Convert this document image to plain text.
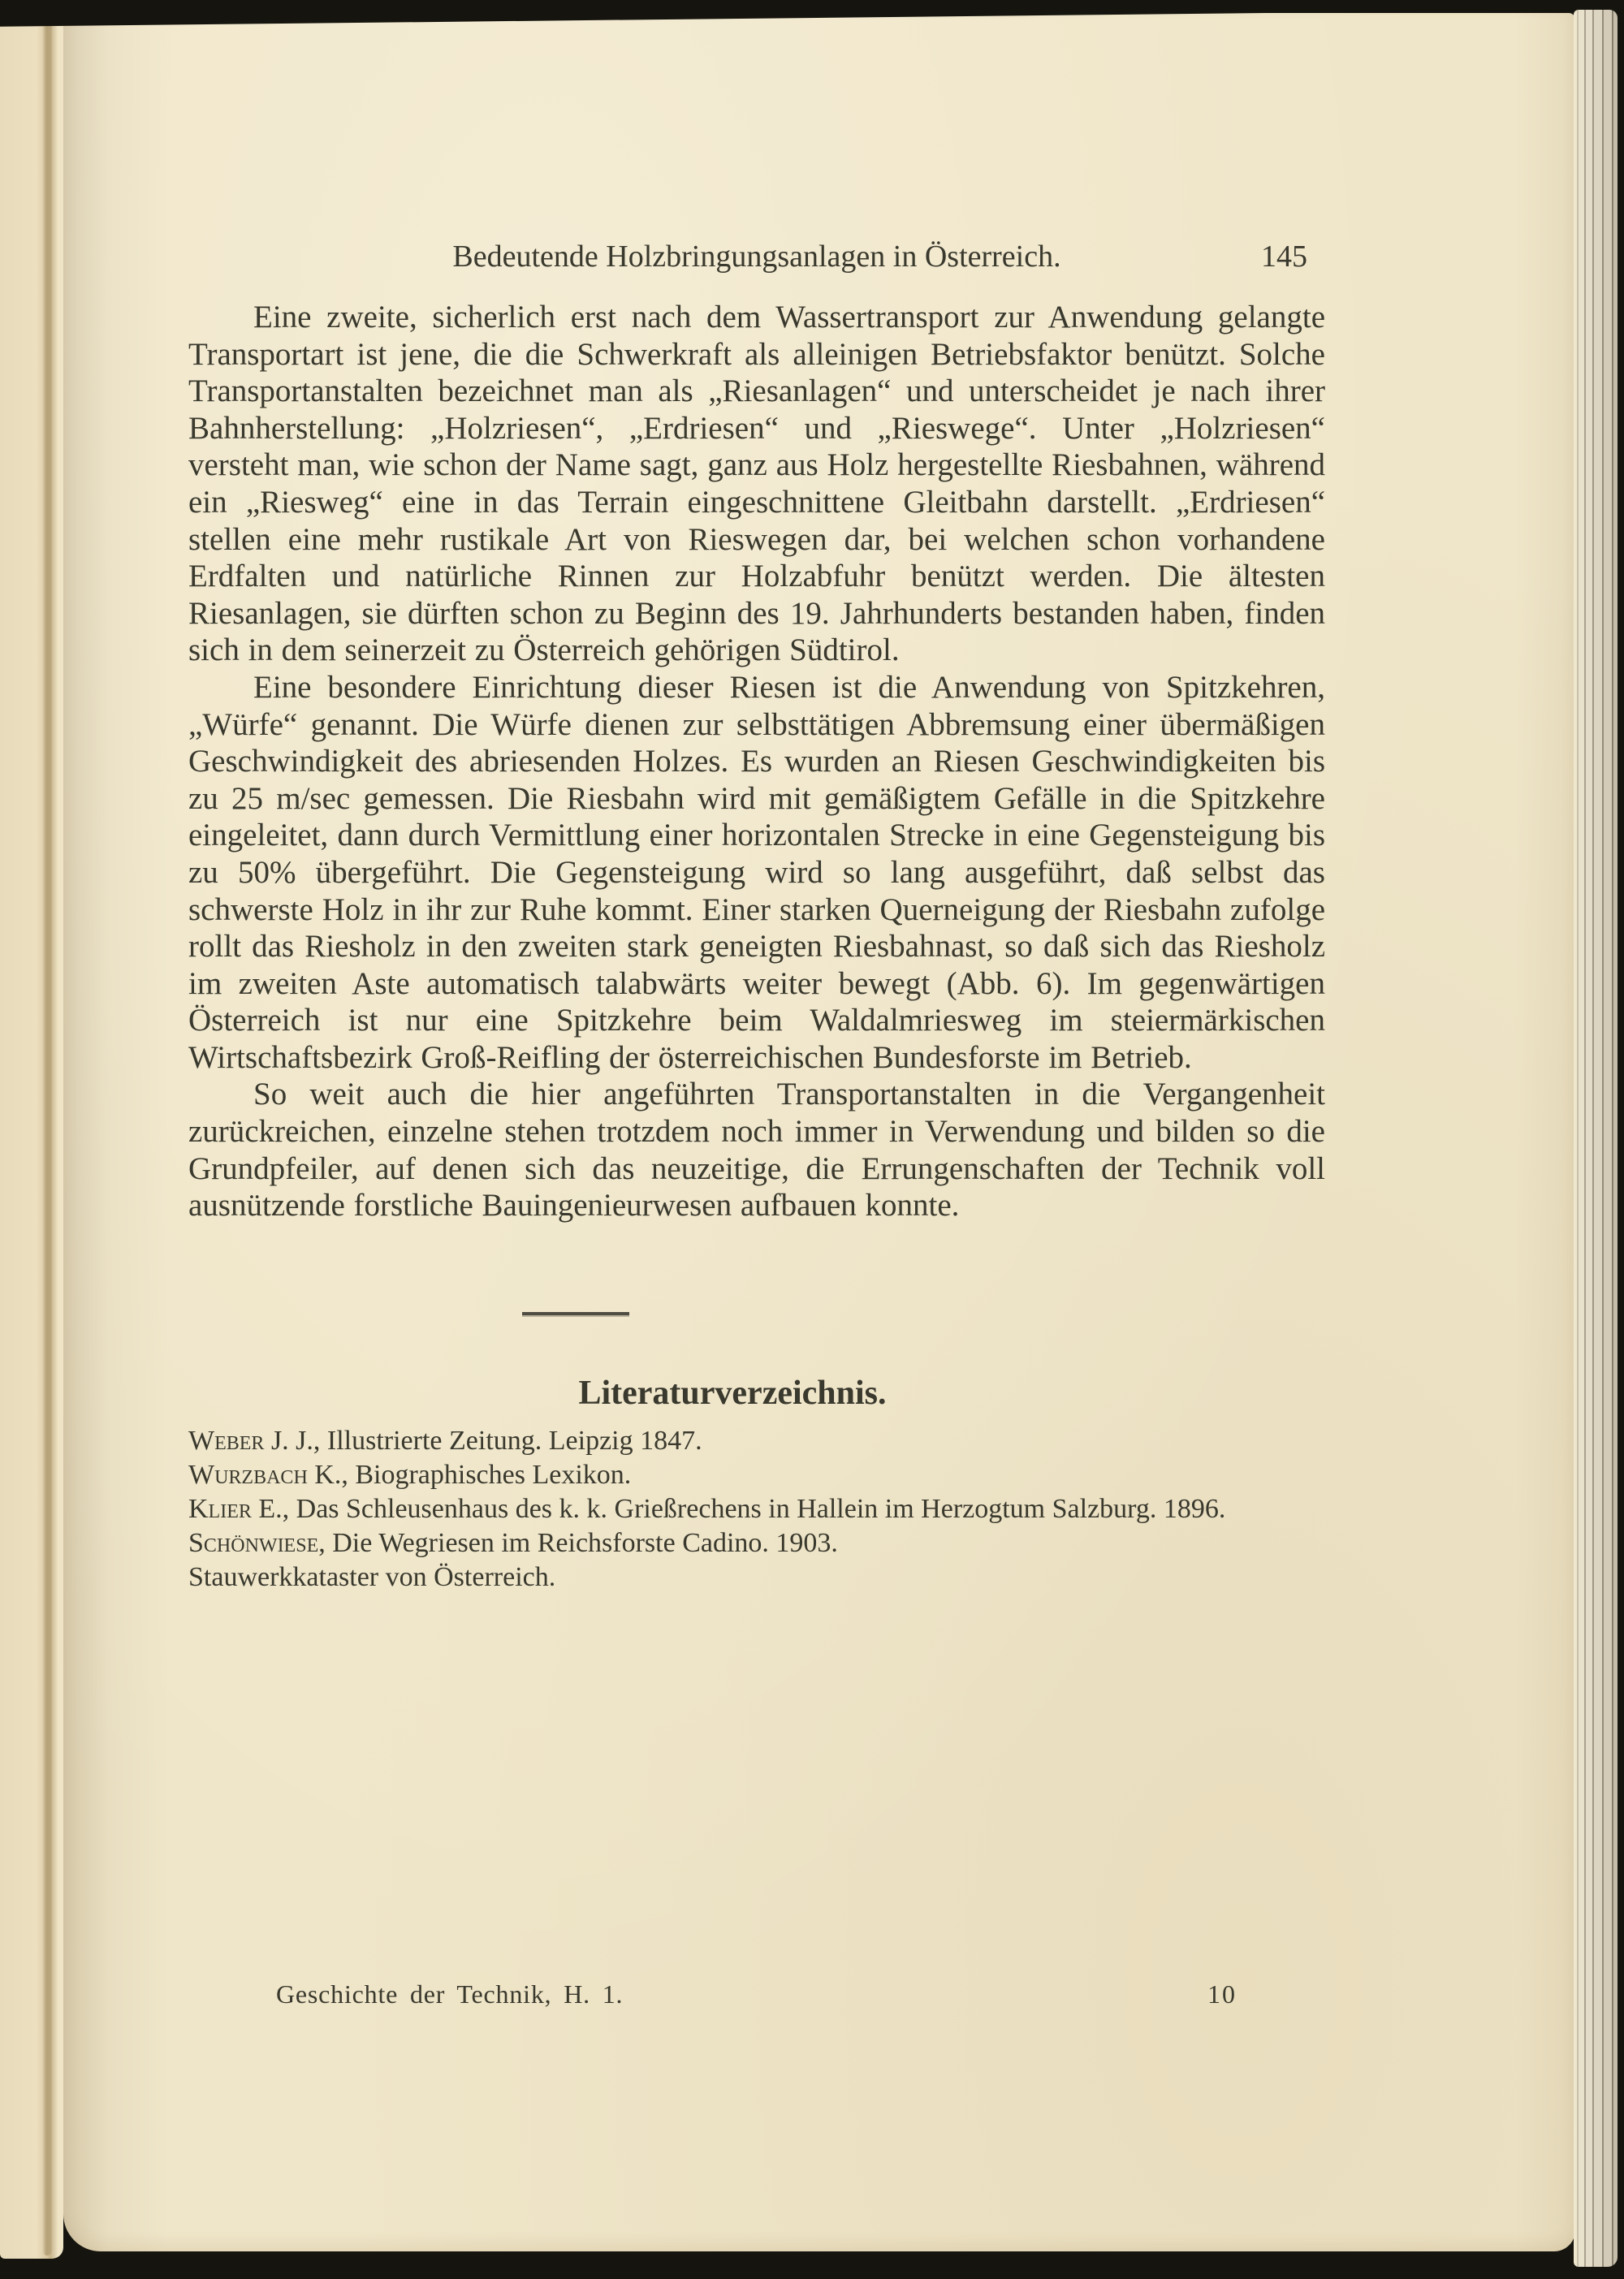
Bedeutende Holzbringungsanlagen in Österreich.	145

Eine zweite, sicherlich erst nach dem Wassertransport zur Anwendung gelangte Transportart ist jene, die die Schwerkraft als alleinigen Betriebsfaktor benützt. Solche Transportanstalten bezeichnet man als „Riesanlagen“ und unterscheidet je nach ihrer Bahnherstellung: „Holzriesen“, „Erdriesen“ und „Rieswege“. Unter „Holzriesen“ versteht man, wie schon der Name sagt, ganz aus Holz hergestellte Riesbahnen, während ein „Riesweg“ eine in das Terrain eingeschnittene Gleitbahn darstellt. „Erdriesen“ stellen eine mehr rustikale Art von Rieswegen dar, bei welchen schon vorhandene Erdfalten und natürliche Rinnen zur Holzabfuhr benützt werden. Die ältesten Riesanlagen, sie dürften schon zu Beginn des 19. Jahrhunderts bestanden haben, finden sich in dem seinerzeit zu Österreich gehörigen Südtirol.

Eine besondere Einrichtung dieser Riesen ist die Anwendung von Spitzkehren, „Würfe“ genannt. Die Würfe dienen zur selbsttätigen Abbremsung einer übermäßigen Geschwindigkeit des abriesenden Holzes. Es wurden an Riesen Geschwindigkeiten bis zu 25 m/sec gemessen. Die Riesbahn wird mit gemäßigtem Gefälle in die Spitzkehre eingeleitet, dann durch Vermittlung einer horizontalen Strecke in eine Gegensteigung bis zu 50% übergeführt. Die Gegensteigung wird so lang ausgeführt, daß selbst das schwerste Holz in ihr zur Ruhe kommt. Einer starken Querneigung der Riesbahn zufolge rollt das Riesholz in den zweiten stark geneigten Riesbahnast, so daß sich das Riesholz im zweiten Aste automatisch talabwärts weiter bewegt (Abb. 6). Im gegenwärtigen Österreich ist nur eine Spitzkehre beim Waldalmriesweg im steiermärkischen Wirtschaftsbezirk Groß-Reifling der österreichischen Bundesforste im Betrieb.

So weit auch die hier angeführten Transportanstalten in die Vergangenheit zurückreichen, einzelne stehen trotzdem noch immer in Verwendung und bilden so die Grundpfeiler, auf denen sich das neuzeitige, die Errungenschaften der Technik voll ausnützende forstliche Bauingenieurwesen aufbauen konnte.

Literaturverzeichnis.

Weber J. J., Illustrierte Zeitung. Leipzig 1847.

Wurzbach K., Biographisches Lexikon.

Klier E., Das Schleusenhaus des k. k. Grießrechens in Hallein im Herzogtum Salzburg. 1896.

Schönwiese, Die Wegriesen im Reichsforste Cadino. 1903.

Stauwerkkataster von Österreich.

Geschichte der Technik, H. 1.	10
